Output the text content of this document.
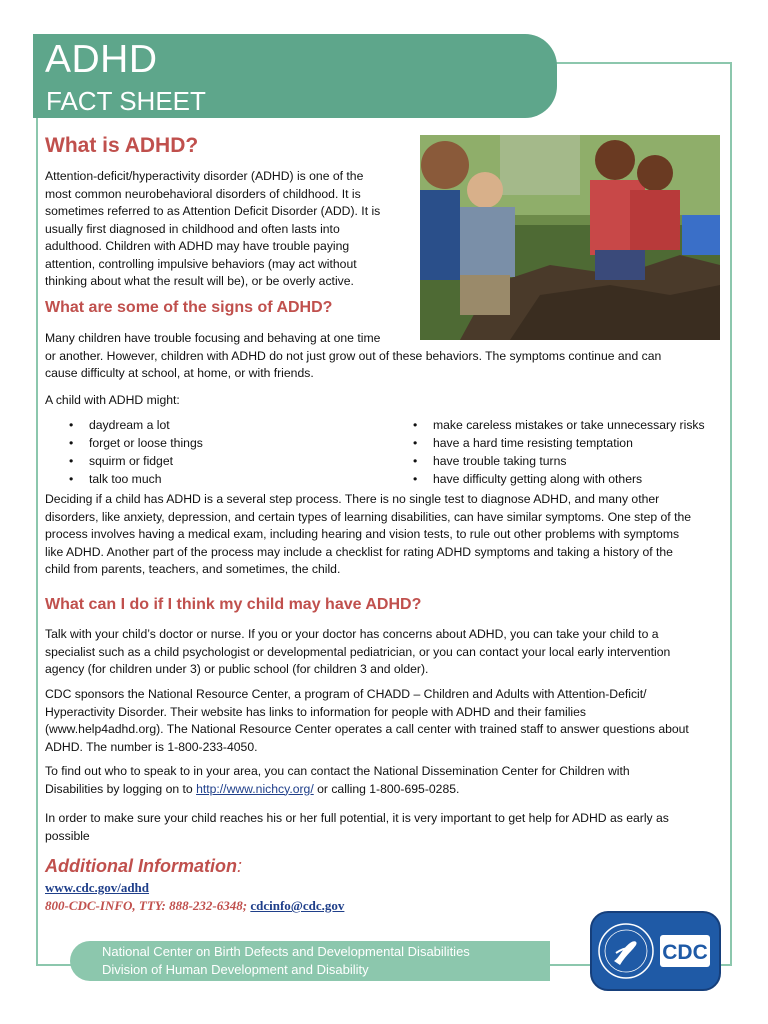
ADHD
FACT SHEET
What is ADHD?

Attention-deficit/hyperactivity disorder (ADHD) is one of the

most common neurobehavioral disorders of childhood. It is

sometimes referred to as Attention Deficit Disorder (ADD). It is

usually first diagnosed in childhood and often lasts into

adulthood. Children with ADHD may have trouble paying

attention, controlling impulsive behaviors (may act without

thinking about what the result will be), or be overly active.

What are some of the signs of ADHD?

Many children have trouble focusing and behaving at one time

or another. However, children with ADHD do not just grow out of these behaviors. The symptoms continue and can

cause difficulty at school, at home, or with friends.

A child with ADHD might:
• daydream a lot
• forget or loose things
• squirm or fidget
• talk too much
• make careless mistakes or take unnecessary risks
• have a hard time resisting temptation
• have trouble taking turns
• have difficulty getting along with others

Deciding if a child has ADHD is a several step process. There is no single test to diagnose ADHD, and many other

disorders, like anxiety, depression, and certain types of learning disabilities, can have similar symptoms. One step of the

process involves having a medical exam, including hearing and vision tests, to rule out other problems with symptoms

like ADHD. Another part of the process may include a checklist for rating ADHD symptoms and taking a history of the

child from parents, teachers, and sometimes, the child.

What can I do if I think my child may have ADHD?

Talk with your child’s doctor or nurse. If you or your doctor has concerns about ADHD, you can take your child to a

specialist such as a child psychologist or developmental pediatrician, or you can contact your local early intervention

agency (for children under 3) or public school (for children 3 and older).

CDC sponsors the National Resource Center, a program of CHADD – Children and Adults with Attention-Deficit/

Hyperactivity Disorder. Their website has links to information for people with ADHD and their families

(www.help4adhd.org). The National Resource Center operates a call center with trained staff to answer questions about

ADHD. The number is 1-800-233-4050.

To find out who to speak to in your area, you can contact the National Dissemination Center for Children with

Disabilities by logging on to http://www.nichcy.org/ or calling 1-800-695-0285.

In order to make sure your child reaches his or her full potential, it is very important to get help for ADHD as early as

possible

Additional Information:
www.cdc.gov/adhd
800-CDC-INFO, TTY: 888-232-6348; cdcinfo@cdc.gov
National Center on Birth Defects and Developmental Disabilities
Division of Human Development and Disability
CDC
